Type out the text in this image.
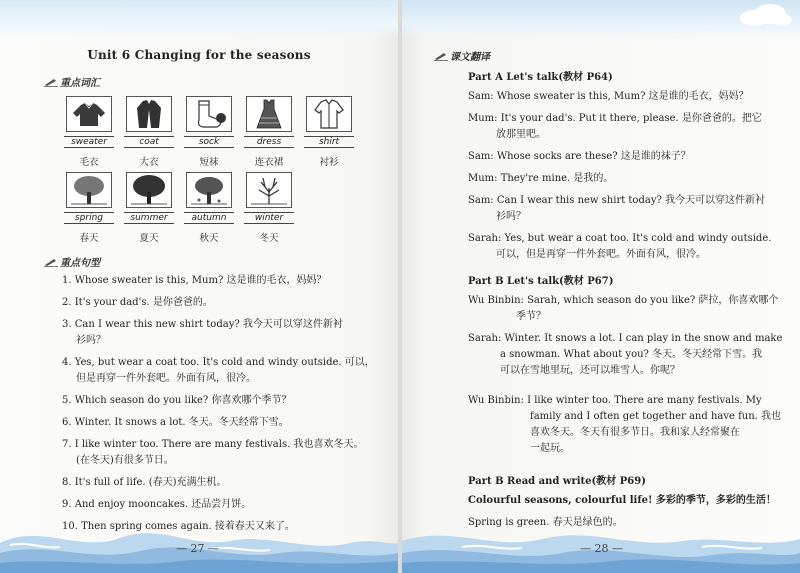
Unit 6 Changing for the seasons
重点词汇
sweater
毛衣
coat
大衣
sock
短袜
dress
连衣裙
shirt
衬衫
spring
春天
summer
夏天
autumn
秋天
winter
冬天
重点句型
1. Whose sweater is this, Mum? 这是谁的毛衣，妈妈？
2. It's your dad's. 是你爸爸的。
3. Can I wear this new shirt today? 我今天可以穿这件新衬
衫吗？
4. Yes, but wear a coat too. It's cold and windy outside. 可以，
但是再穿一件外套吧。外面有风，很冷。
5. Which season do you like? 你喜欢哪个季节？
6. Winter. It snows a lot. 冬天。冬天经常下雪。
7. I like winter too. There are many festivals. 我也喜欢冬天。
(在冬天)有很多节日。
8. It's full of life. (春天)充满生机。
9. And enjoy mooncakes. 还品尝月饼。
10. Then spring comes again. 接着春天又来了。
— 27 —
课文翻译
Part A Let's talk(教材 P64)
Sam: Whose sweater is this, Mum? 这是谁的毛衣，妈妈？
Mum: It's your dad's. Put it there, please. 是你爸爸的。把它
放那里吧。
Sam: Whose socks are these? 这是谁的袜子？
Mum: They're mine. 是我的。
Sam: Can I wear this new shirt today? 我今天可以穿这件新衬
衫吗？
Sarah: Yes, but wear a coat too. It's cold and windy outside.
可以，但是再穿一件外套吧。外面有风，很冷。
Part B Let's talk(教材 P67)
Wu Binbin: Sarah, which season do you like? 萨拉，你喜欢哪个
季节？
Sarah: Winter. It snows a lot. I can play in the snow and make
a snowman. What about you? 冬天。冬天经常下雪。我
可以在雪地里玩，还可以堆雪人。你呢？
Wu Binbin: I like winter too. There are many festivals. My
family and I often get together and have fun. 我也
喜欢冬天。冬天有很多节日。我和家人经常聚在
一起玩。
Part B Read and write(教材 P69)
Colourful seasons, colourful life! 多彩的季节，多彩的生活！
Spring is green. 春天是绿色的。
— 28 —
